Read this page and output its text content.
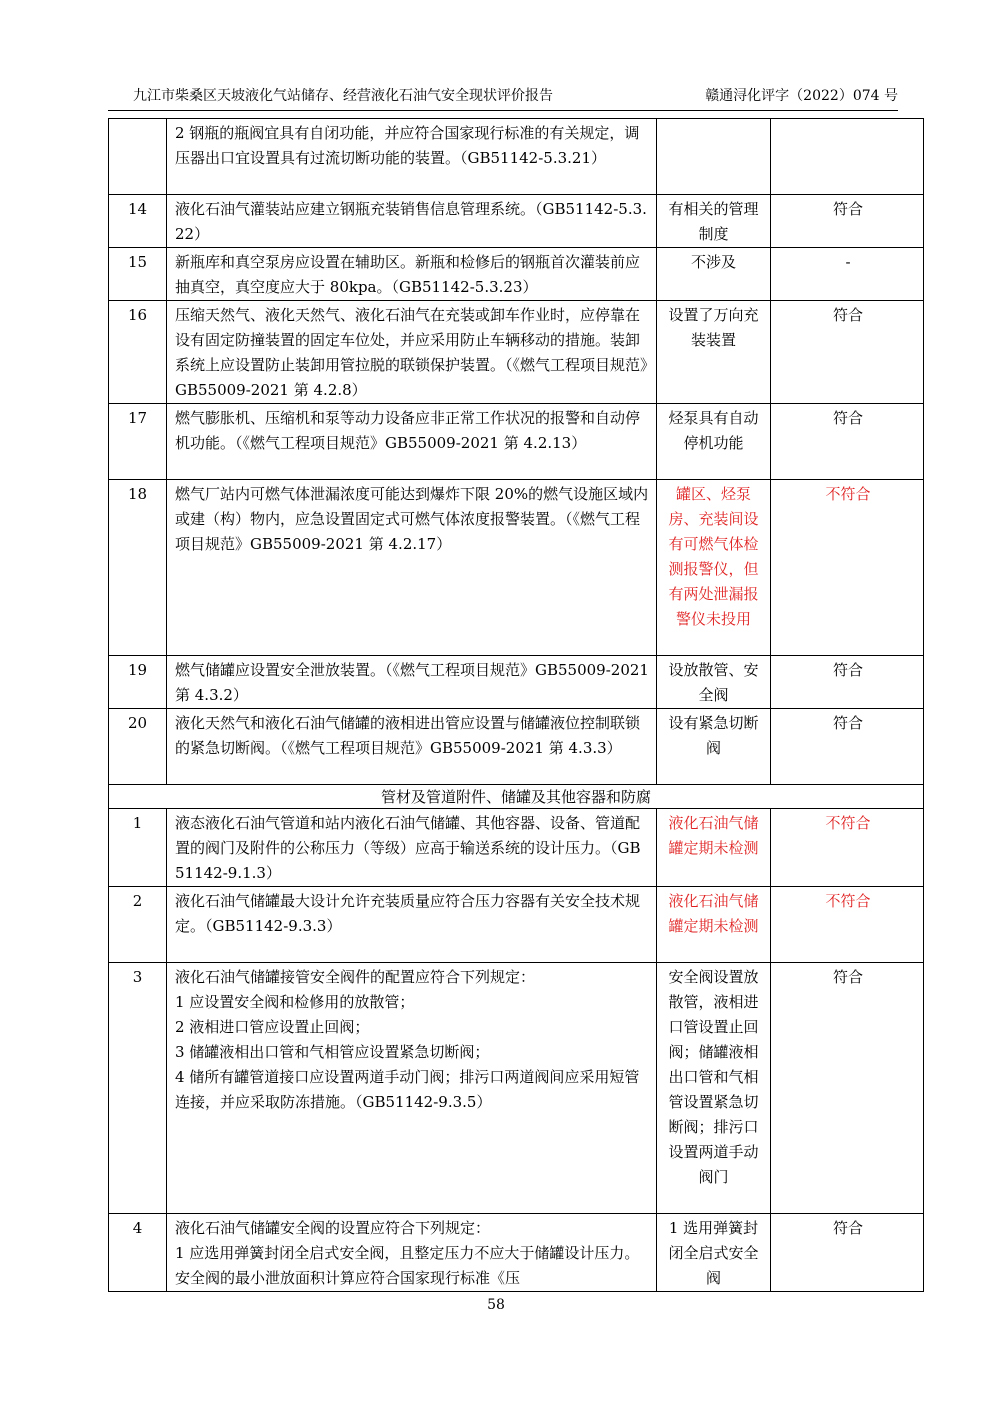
九江市柴桑区天坡液化气站储存、经营液化石油气安全现状评价报告	赣通浔化评字（2022）074 号

	2 钢瓶的瓶阀宜具有自闭功能，并应符合国家现行标准的有关规定，调压器出口宜设置具有过流切断功能的装置。（GB51142-5.3.21）		

14	液化石油气灌装站应建立钢瓶充装销售信息管理系统。（GB51142-5.3.22）	有相关的管理制度	符合
15	新瓶库和真空泵房应设置在辅助区。新瓶和检修后的钢瓶首次灌装前应抽真空，真空度应大于 80kpa。（GB51142-5.3.23）	不涉及	-
16	压缩天然气、液化天然气、液化石油气在充装或卸车作业时，应停靠在设有固定防撞装置的固定车位处，并应采用防止车辆移动的措施。装卸系统上应设置防止装卸用管拉脱的联锁保护装置。（《燃气工程项目规范》GB55009-2021 第 4.2.8）	设置了万向充装装置	符合
17	燃气膨胀机、压缩机和泵等动力设备应非正常工作状况的报警和自动停机功能。（《燃气工程项目规范》GB55009-2021 第 4.2.13）	烃泵具有自动停机功能	符合
18	燃气厂站内可燃气体泄漏浓度可能达到爆炸下限 20%的燃气设施区域内或建（构）物内，应急设置固定式可燃气体浓度报警装置。（《燃气工程项目规范》GB55009-2021 第 4.2.17）	罐区、烃泵房、充装间设有可燃气体检测报警仪，但有两处泄漏报警仪未投用	不符合
19	燃气储罐应设置安全泄放装置。（《燃气工程项目规范》GB55009-2021 第 4.3.2）	设放散管、安全阀	符合
20	液化天然气和液化石油气储罐的液相进出管应设置与储罐液位控制联锁的紧急切断阀。（《燃气工程项目规范》GB55009-2021 第 4.3.3）	设有紧急切断阀	符合
管材及管道附件、储罐及其他容器和防腐			
1	液态液化石油气管道和站内液化石油气储罐、其他容器、设备、管道配置的阀门及附件的公称压力（等级）应高于输送系统的设计压力。（GB51142-9.1.3）	液化石油气储罐定期未检测	不符合
2	液化石油气储罐最大设计允许充装质量应符合压力容器有关安全技术规定。（GB51142-9.3.3）	液化石油气储罐定期未检测	不符合
3	液化石油气储罐接管安全阀件的配置应符合下列规定：
1 应设置安全阀和检修用的放散管；
2 液相进口管应设置止回阀；
3 储罐液相出口管和气相管应设置紧急切断阀；
4 储所有罐管道接口应设置两道手动门阀；排污口两道阀间应采用短管连接，并应采取防冻措施。（GB51142-9.3.5）	安全阀设置放散管，液相进口管设置止回阀；储罐液相出口管和气相管设置紧急切断阀；排污口设置两道手动阀门	符合
4	液化石油气储罐安全阀的设置应符合下列规定：
1 应选用弹簧封闭全启式安全阀，且整定压力不应大于储罐设计压力。安全阀的最小泄放面积计算应符合国家现行标准《压	1 选用弹簧封闭全启式安全阀	符合
58
